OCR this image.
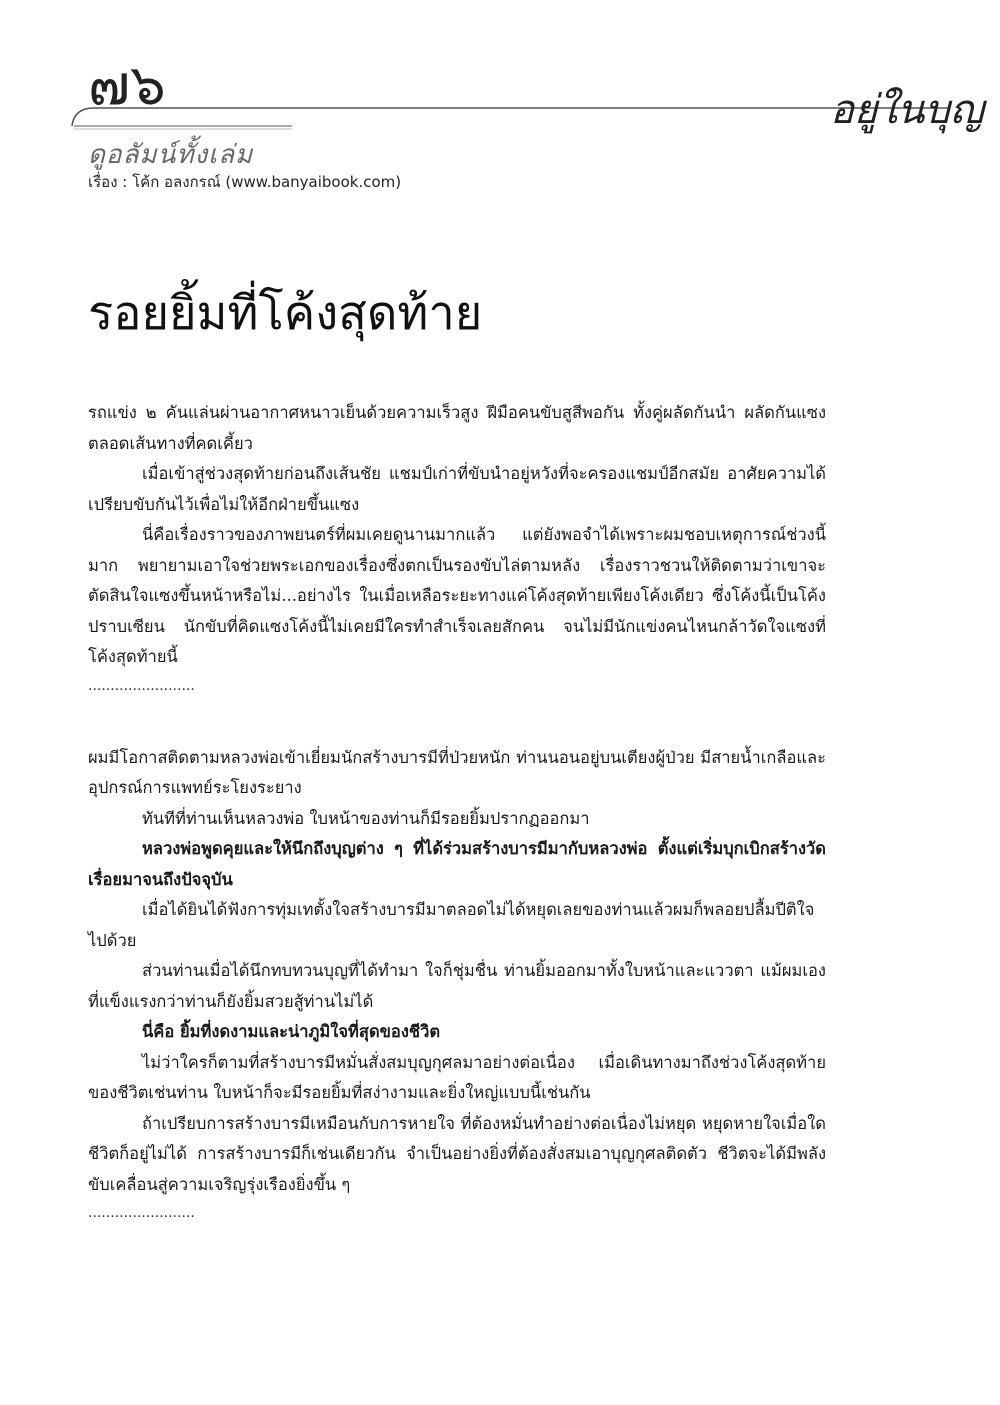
๗๖	อยู่ในบุญ
ดูอลัมน์ทั้งเล่ม
เรื่อง : โค้ก อลงกรณ์ (www.banyaibook.com)
รอยยิ้มที่โค้งสุดท้าย

รถแข่ง ๒ คันแล่นผ่านอากาศหนาวเย็นด้วยความเร็วสูง ฝีมือคนขับสูสีพอกัน ทั้งคู่ผลัดกันนำ ผลัดกันแซงตลอดเส้นทางที่คดเคี้ยว

เมื่อเข้าสู่ช่วงสุดท้ายก่อนถึงเส้นชัย แชมป์เก่าที่ขับนำอยู่หวังที่จะครองแชมป์อีกสมัย อาศัยความได้เปรียบขับกันไว้เพื่อไม่ให้อีกฝ่ายขึ้นแซง

นี่คือเรื่องราวของภาพยนตร์ที่ผมเคยดูนานมากแล้ว แต่ยังพอจำได้เพราะผมชอบเหตุการณ์ช่วงนี้มาก พยายามเอาใจช่วยพระเอกของเรื่องซึ่งตกเป็นรองขับไล่ตามหลัง เรื่องราวชวนให้ติดตามว่าเขาจะตัดสินใจแซงขึ้นหน้าหรือไม่...อย่างไร ในเมื่อเหลือระยะทางแค่โค้งสุดท้ายเพียงโค้งเดียว ซึ่งโค้งนี้เป็นโค้งปราบเซียน นักขับที่คิดแซงโค้งนี้ไม่เคยมีใครทำสำเร็จเลยสักคน จนไม่มีนักแข่งคนไหนกล้าวัดใจแซงที่โค้งสุดท้ายนี้

........................

ผมมีโอกาสติดตามหลวงพ่อเข้าเยี่ยมนักสร้างบารมีที่ป่วยหนัก ท่านนอนอยู่บนเตียงผู้ป่วย มีสายน้ำเกลือและอุปกรณ์การแพทย์ระโยงระยาง

ทันทีที่ท่านเห็นหลวงพ่อ ใบหน้าของท่านก็มีรอยยิ้มปรากฏออกมา

หลวงพ่อพูดคุยและให้นึกถึงบุญต่าง ๆ ที่ได้ร่วมสร้างบารมีมากับหลวงพ่อ ตั้งแต่เริ่มบุกเบิกสร้างวัดเรื่อยมาจนถึงปัจจุบัน

เมื่อได้ยินได้ฟังการทุ่มเทตั้งใจสร้างบารมีมาตลอดไม่ได้หยุดเลยของท่านแล้วผมก็พลอยปลื้มปีติใจไปด้วย

ส่วนท่านเมื่อได้นึกทบทวนบุญที่ได้ทำมา ใจก็ชุ่มชื่น ท่านยิ้มออกมาทั้งใบหน้าและแววตา แม้ผมเองที่แข็งแรงกว่าท่านก็ยังยิ้มสวยสู้ท่านไม่ได้

นี่คือ ยิ้มที่งดงามและน่าภูมิใจที่สุดของชีวิต

ไม่ว่าใครก็ตามที่สร้างบารมีหมั่นสั่งสมบุญกุศลมาอย่างต่อเนื่อง เมื่อเดินทางมาถึงช่วงโค้งสุดท้ายของชีวิตเช่นท่าน ใบหน้าก็จะมีรอยยิ้มที่สง่างามและยิ่งใหญ่แบบนี้เช่นกัน

ถ้าเปรียบการสร้างบารมีเหมือนกับการหายใจ ที่ต้องหมั่นทำอย่างต่อเนื่องไม่หยุด หยุดหายใจเมื่อใดชีวิตก็อยู่ไม่ได้ การสร้างบารมีก็เช่นเดียวกัน จำเป็นอย่างยิ่งที่ต้องสั่งสมเอาบุญกุศลติดตัว ชีวิตจะได้มีพลังขับเคลื่อนสู่ความเจริญรุ่งเรืองยิ่งขึ้น ๆ

........................
